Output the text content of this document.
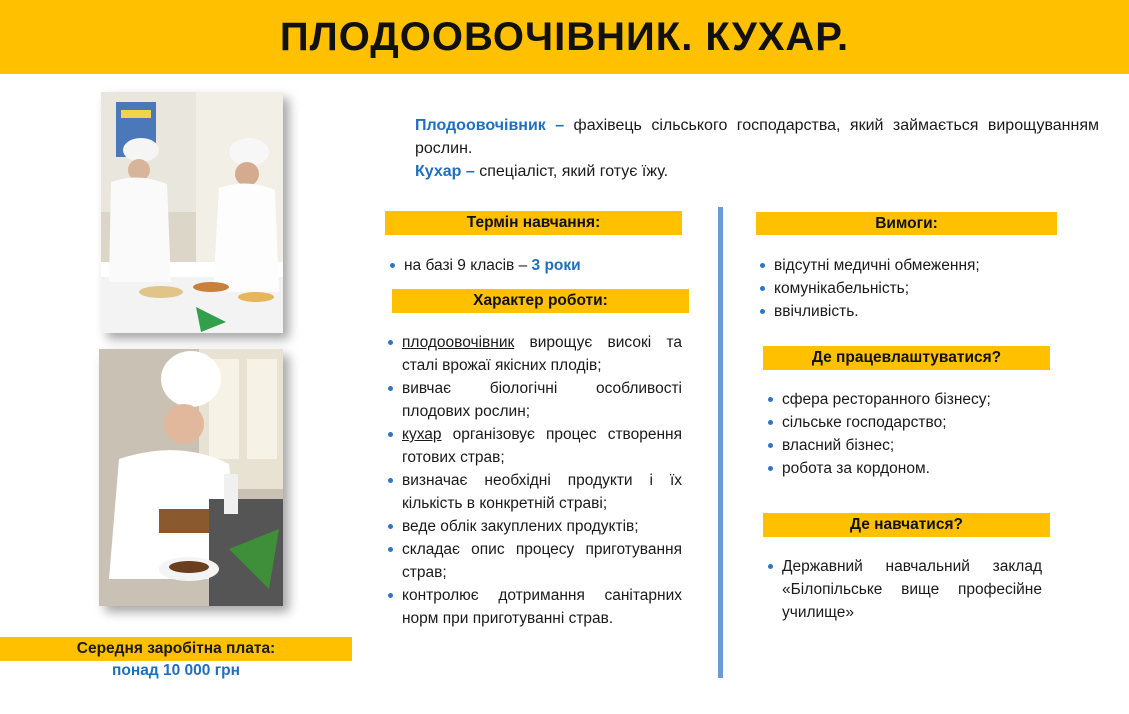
ПЛОДООВОЧІВНИК. КУХАР.

Плодоовочівник – фахівець сільського господарства, який займається вирощуванням рослин.

Кухар – спеціаліст, який готує їжу.

Термін навчання:
на базі 9 класів – 3 роки
Характер роботи:
плодоовочівник вирощує високі та сталі врожаї якісних плодів;
вивчає біологічні особливості плодових рослин;
кухар організовує процес створення готових страв;
визначає необхідні продукти і їх кількість в конкретній страві;
веде облік закуплених продуктів;
складає опис процесу приготування страв;
контролює дотримання санітарних норм при приготуванні страв.
Вимоги:
відсутні медичні обмеження;
комунікабельність;
ввічливість.
Де працевлаштуватися?
сфера ресторанного бізнесу;
сільське господарство;
власний бізнес;
робота за кордоном.
Де навчатися?
Державний навчальний заклад «Білопільське вище професійне училище»
Середня заробітна плата:
понад 10 000 грн
